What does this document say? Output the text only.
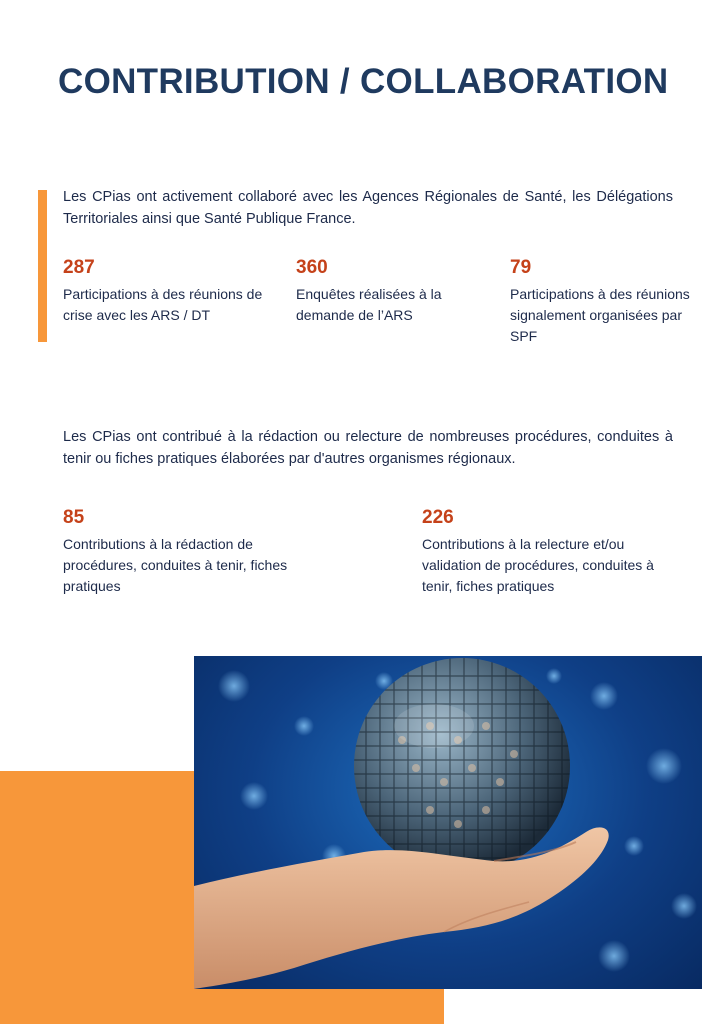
CONTRIBUTION / COLLABORATION

Les CPias ont activement collaboré avec les Agences Régionales de Santé, les Délégations Territoriales ainsi que Santé Publique France.

287
Participations à des réunions de crise avec les ARS / DT
360
Enquêtes réalisées à la demande de l’ARS
79
Participations à des réunions signalement organisées par SPF

Les CPias ont contribué à la rédaction ou relecture de nombreuses procédures, conduites à tenir ou fiches pratiques élaborées par d'autres organismes régionaux.

85
Contributions à la rédaction de procédures, conduites à tenir, fiches pratiques
226
Contributions à la relecture et/ou validation de procédures, conduites à tenir, fiches pratiques
